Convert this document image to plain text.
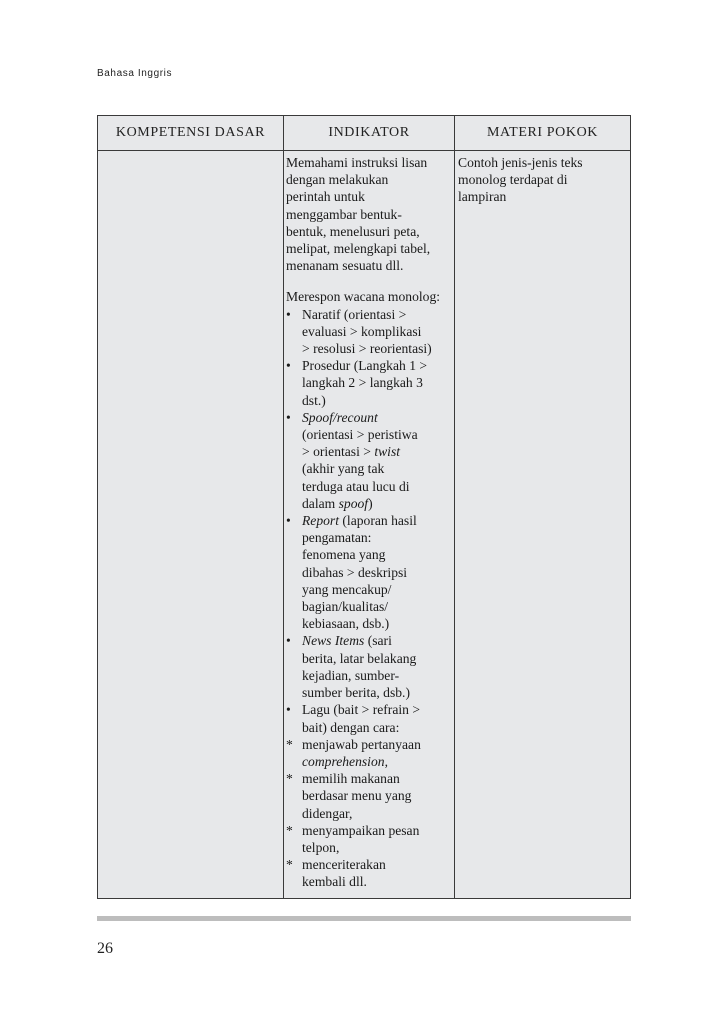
Bahasa Inggris
KOMPETENSI DASAR	INDIKATOR	MATERI POKOK
Memahami instruksi lisan
dengan melakukan
perintah untuk
menggambar bentuk-
bentuk, menelusuri peta,
melipat, melengkapi tabel,
menanam sesuatu dll.
Merespon wacana monolog:
• Naratif (orientasi >
evaluasi > komplikasi
> resolusi > reorientasi)
• Prosedur (Langkah 1 >
langkah 2 > langkah 3
dst.)
• Spoof/recount
(orientasi > peristiwa
> orientasi > twist
(akhir yang tak
terduga atau lucu di
dalam spoof)
• Report (laporan hasil
pengamatan:
fenomena yang
dibahas > deskripsi
yang mencakup/
bagian/kualitas/
kebiasaan, dsb.)
• News Items (sari
berita, latar belakang
kejadian, sumber-
sumber berita, dsb.)
• Lagu (bait > refrain >
bait) dengan cara:
* menjawab pertanyaan
comprehension,
* memilih makanan
berdasar menu yang
didengar,
* menyampaikan pesan
telpon,
* menceriterakan
kembali dll.
Contoh jenis-jenis teks
monolog terdapat di
lampiran
26
